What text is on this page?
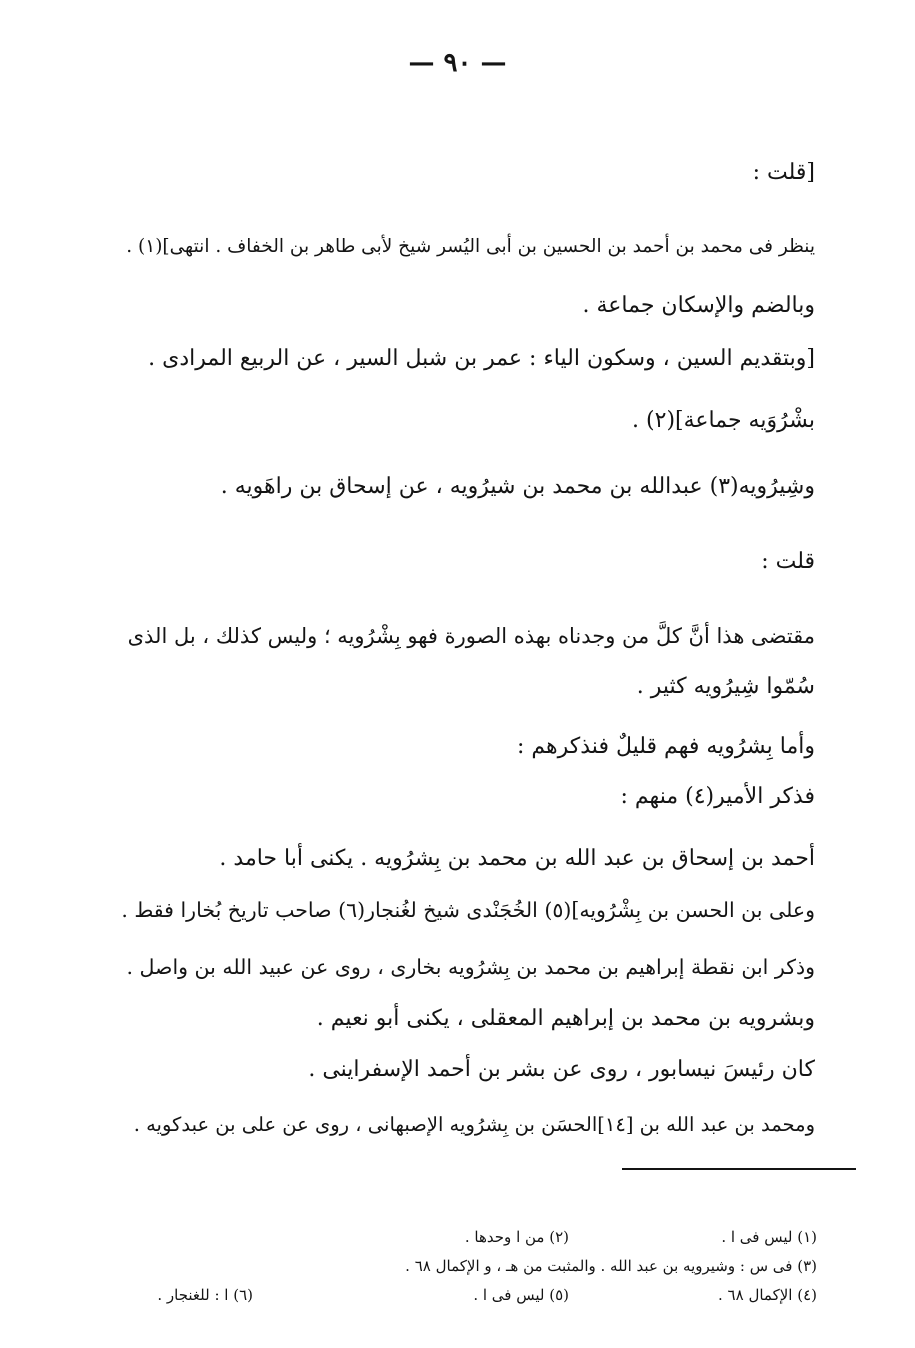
— ٩٠ —
[قلت :
ينظر فى محمد بن أحمد بن الحسين بن أبى اليُسر شيخ لأبى طاهر بن الخفاف . انتهى](١) .
وبالضم والإسكان جماعة .
[وبتقديم السين ، وسكون الياء : عمر بن شبل السير ، عن الربيع المرادى .
بشْرُوَيه جماعة](٢) .
وشِيرُويه(٣) عبدالله بن محمد بن شيرُويه ، عن إسحاق بن راهَويه .
قلت :
مقتضى هذا أنَّ كلَّ من وجدناه بهذه الصورة فهو بِشْرُويه ؛ وليس كذلك ، بل الذى
سُمّوا شِيرُويه كثير .
وأما بِشرُويه فهم قليلٌ فنذكرهم :
فذكر الأمير(٤) منهم :
أحمد بن إسحاق بن عبد الله بن محمد بن بِشرُويه . يكنى أبا حامد .
وعلى بن الحسن بن بِشْرُويه](٥) الخُجَنْدى شيخ لغُنجار(٦) صاحب تاريخ بُخارا فقط .
وذكر ابن نقطة إبراهيم بن محمد بن بِشرُويه بخارى ، روى عن عبيد الله بن واصل .
وبشرويه بن محمد بن إبراهيم المعقلى ، يكنى أبو نعيم .
كان رئيسَ نيسابور ، روى عن بشر بن أحمد الإسفراينى .
ومحمد بن عبد الله بن [١٤]الحسَن بن بِشرُويه الإصبهانى ، روى عن على بن عبدكويه .
(١) ليس فى ا .
(٢) من ا وحدها .
(٣) فى س : وشيرويه بن عبد الله . والمثبت من هـ ، و الإكمال ٦٨ .
(٤) الإكمال ٦٨ .
(٥) ليس فى ا .
(٦) ا : للغنجار .
